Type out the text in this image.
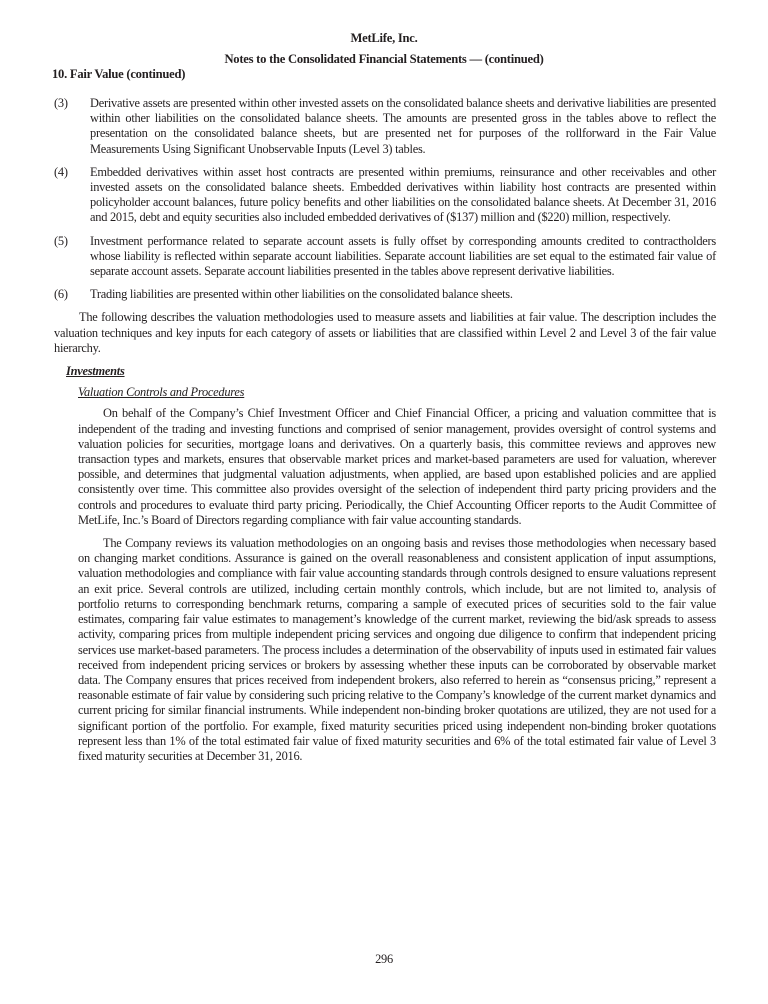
MetLife, Inc.
Notes to the Consolidated Financial Statements — (continued)
10. Fair Value (continued)
(3)	Derivative assets are presented within other invested assets on the consolidated balance sheets and derivative liabilities are presented within other liabilities on the consolidated balance sheets. The amounts are presented gross in the tables above to reflect the presentation on the consolidated balance sheets, but are presented net for purposes of the rollforward in the Fair Value Measurements Using Significant Unobservable Inputs (Level 3) tables.
(4)	Embedded derivatives within asset host contracts are presented within premiums, reinsurance and other receivables and other invested assets on the consolidated balance sheets. Embedded derivatives within liability host contracts are presented within policyholder account balances, future policy benefits and other liabilities on the consolidated balance sheets. At December 31, 2016 and 2015, debt and equity securities also included embedded derivatives of ($137) million and ($220) million, respectively.
(5)	Investment performance related to separate account assets is fully offset by corresponding amounts credited to contractholders whose liability is reflected within separate account liabilities. Separate account liabilities are set equal to the estimated fair value of separate account assets. Separate account liabilities presented in the tables above represent derivative liabilities.
(6)	Trading liabilities are presented within other liabilities on the consolidated balance sheets.

The following describes the valuation methodologies used to measure assets and liabilities at fair value. The description includes the valuation techniques and key inputs for each category of assets or liabilities that are classified within Level 2 and Level 3 of the fair value hierarchy.

Investments
Valuation Controls and Procedures

On behalf of the Company’s Chief Investment Officer and Chief Financial Officer, a pricing and valuation committee that is independent of the trading and investing functions and comprised of senior management, provides oversight of control systems and valuation policies for securities, mortgage loans and derivatives. On a quarterly basis, this committee reviews and approves new transaction types and markets, ensures that observable market prices and market-based parameters are used for valuation, wherever possible, and determines that judgmental valuation adjustments, when applied, are based upon established policies and are applied consistently over time. This committee also provides oversight of the selection of independent third party pricing providers and the controls and procedures to evaluate third party pricing. Periodically, the Chief Accounting Officer reports to the Audit Committee of MetLife, Inc.’s Board of Directors regarding compliance with fair value accounting standards.

The Company reviews its valuation methodologies on an ongoing basis and revises those methodologies when necessary based on changing market conditions. Assurance is gained on the overall reasonableness and consistent application of input assumptions, valuation methodologies and compliance with fair value accounting standards through controls designed to ensure valuations represent an exit price. Several controls are utilized, including certain monthly controls, which include, but are not limited to, analysis of portfolio returns to corresponding benchmark returns, comparing a sample of executed prices of securities sold to the fair value estimates, comparing fair value estimates to management’s knowledge of the current market, reviewing the bid/ask spreads to assess activity, comparing prices from multiple independent pricing services and ongoing due diligence to confirm that independent pricing services use market-based parameters. The process includes a determination of the observability of inputs used in estimated fair values received from independent pricing services or brokers by assessing whether these inputs can be corroborated by observable market data. The Company ensures that prices received from independent brokers, also referred to herein as “consensus pricing,” represent a reasonable estimate of fair value by considering such pricing relative to the Company’s knowledge of the current market dynamics and current pricing for similar financial instruments. While independent non-binding broker quotations are utilized, they are not used for a significant portion of the portfolio. For example, fixed maturity securities priced using independent non-binding broker quotations represent less than 1% of the total estimated fair value of fixed maturity securities and 6% of the total estimated fair value of Level 3 fixed maturity securities at December 31, 2016.

296
